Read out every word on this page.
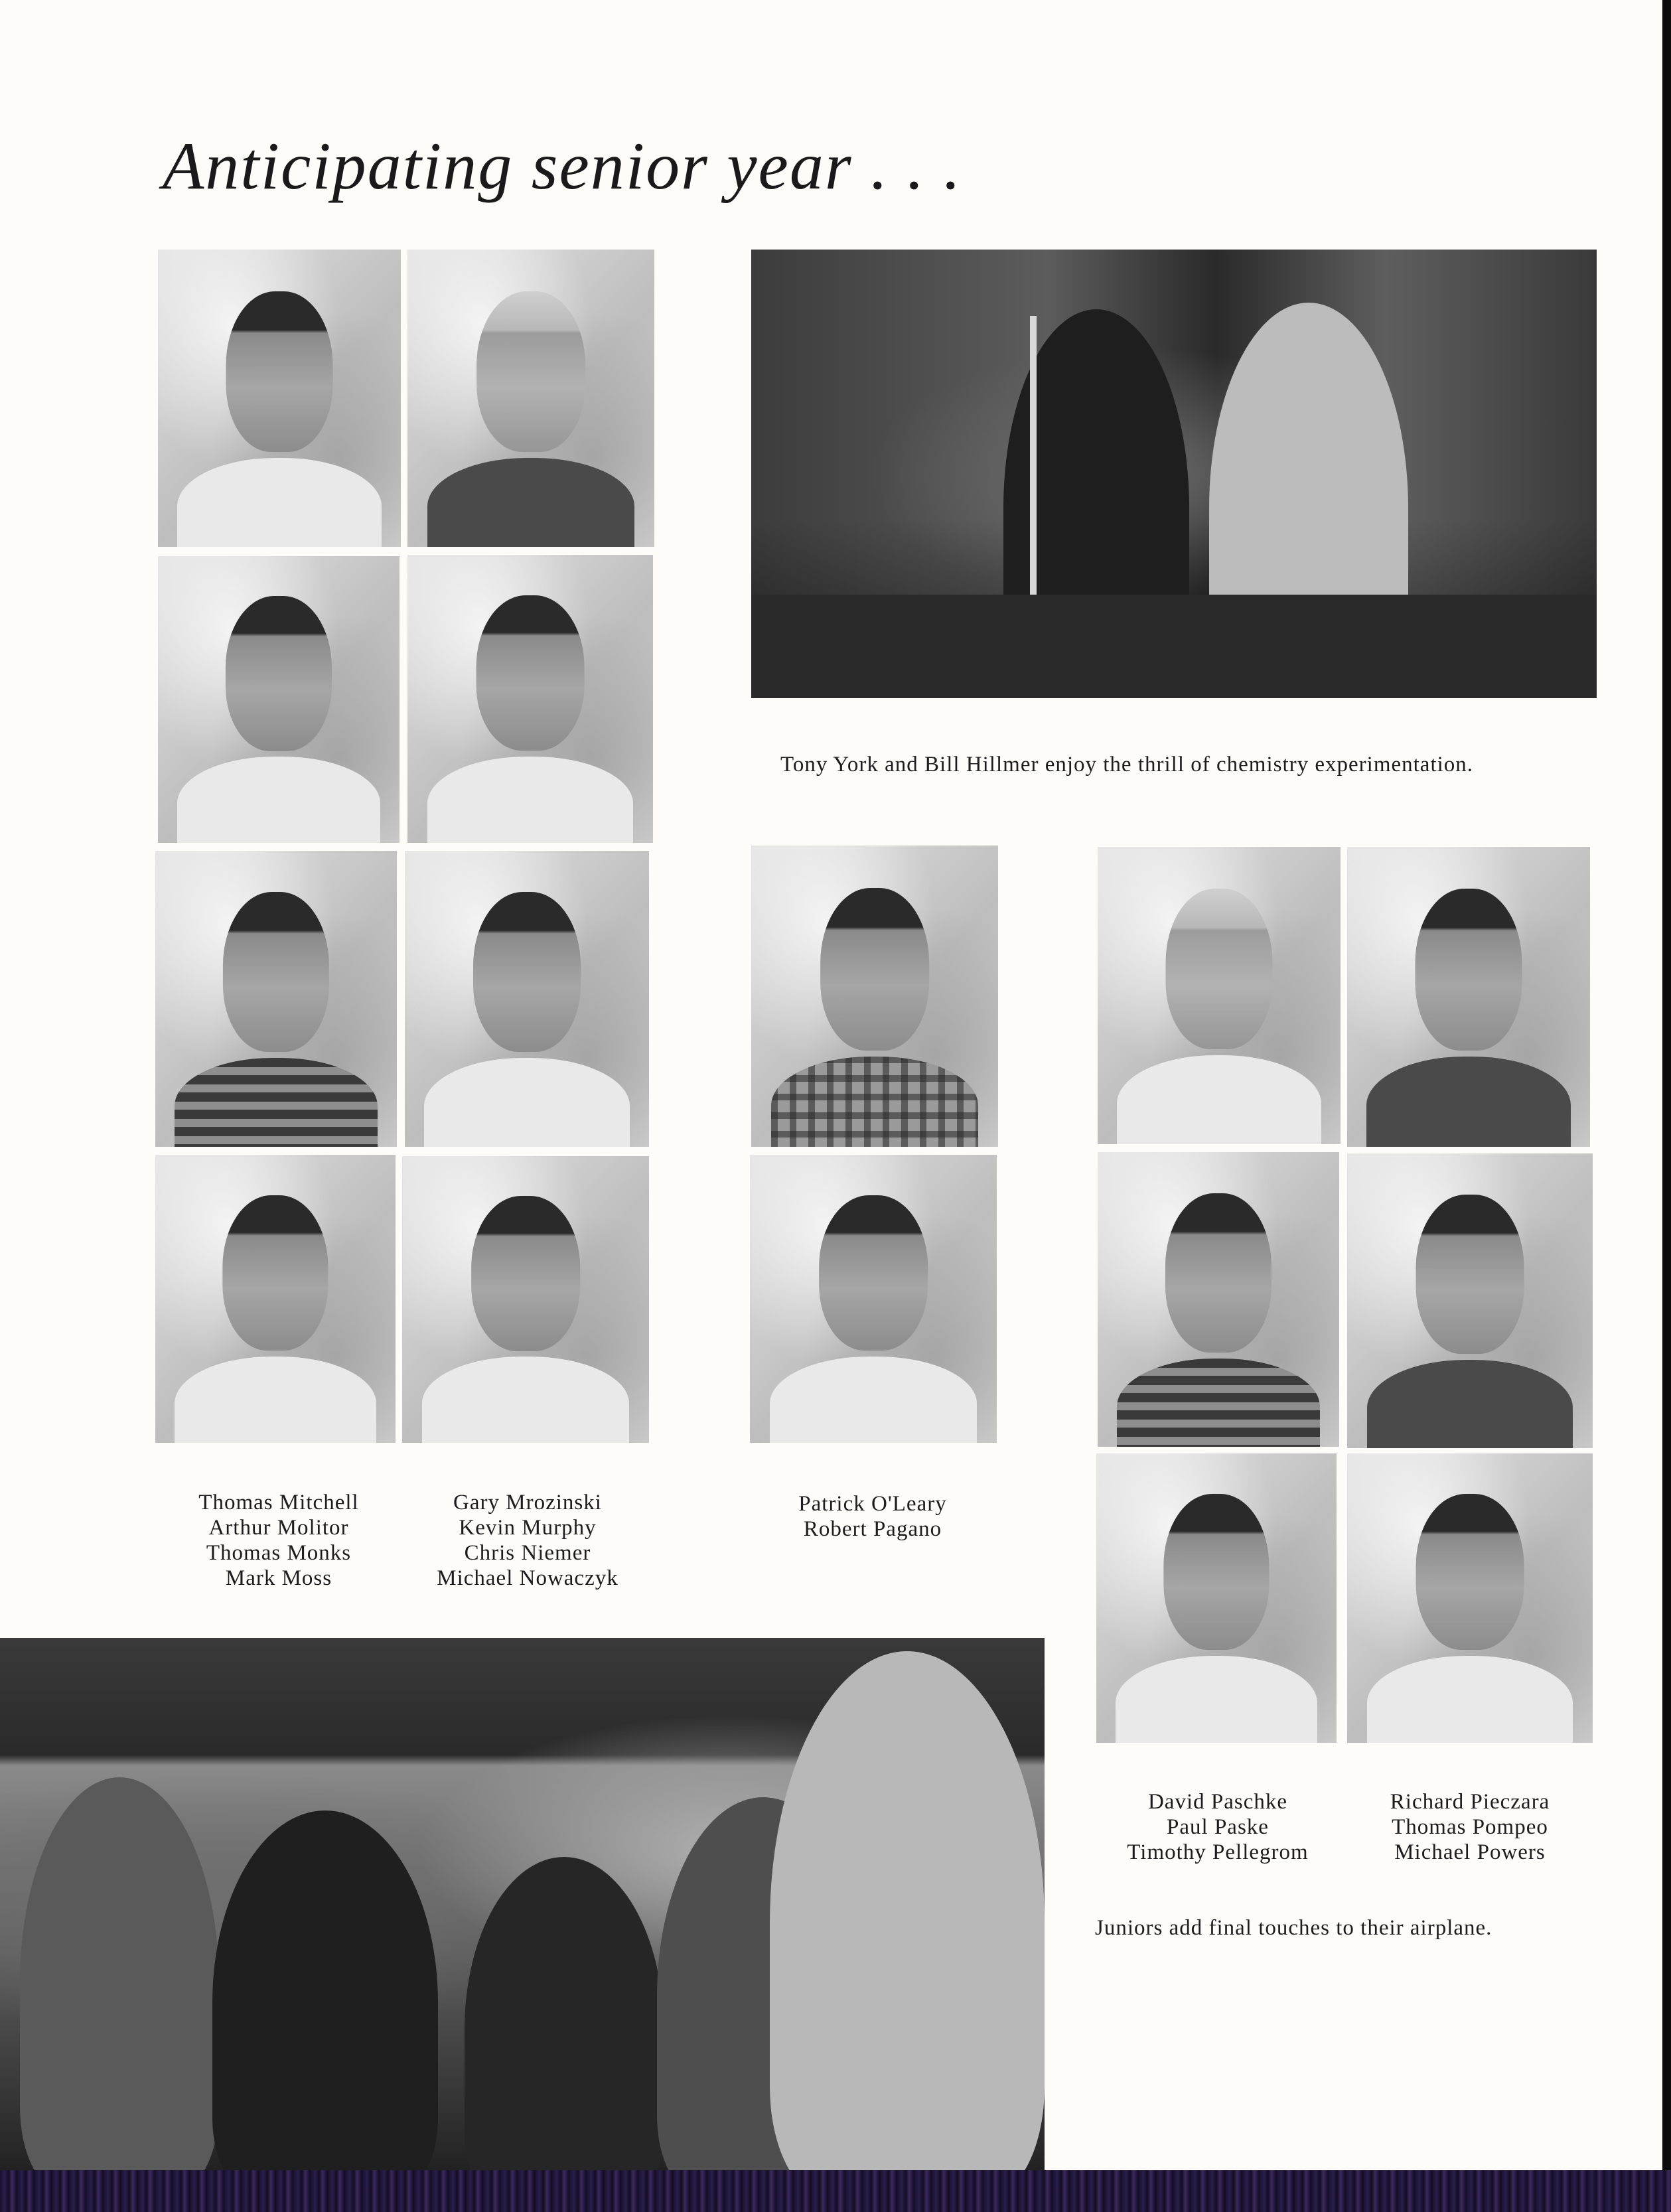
Anticipating senior year . . .
Tony York and Bill Hillmer enjoy the thrill of chemistry experimentation.
Thomas Mitchell
Arthur Molitor
Thomas Monks
Mark Moss
Gary Mrozinski
Kevin Murphy
Chris Niemer
Michael Nowaczyk
Patrick O'Leary
Robert Pagano
David Paschke
Paul Paske
Timothy Pellegrom
Richard Pieczara
Thomas Pompeo
Michael Powers
Juniors add final touches to their airplane.
